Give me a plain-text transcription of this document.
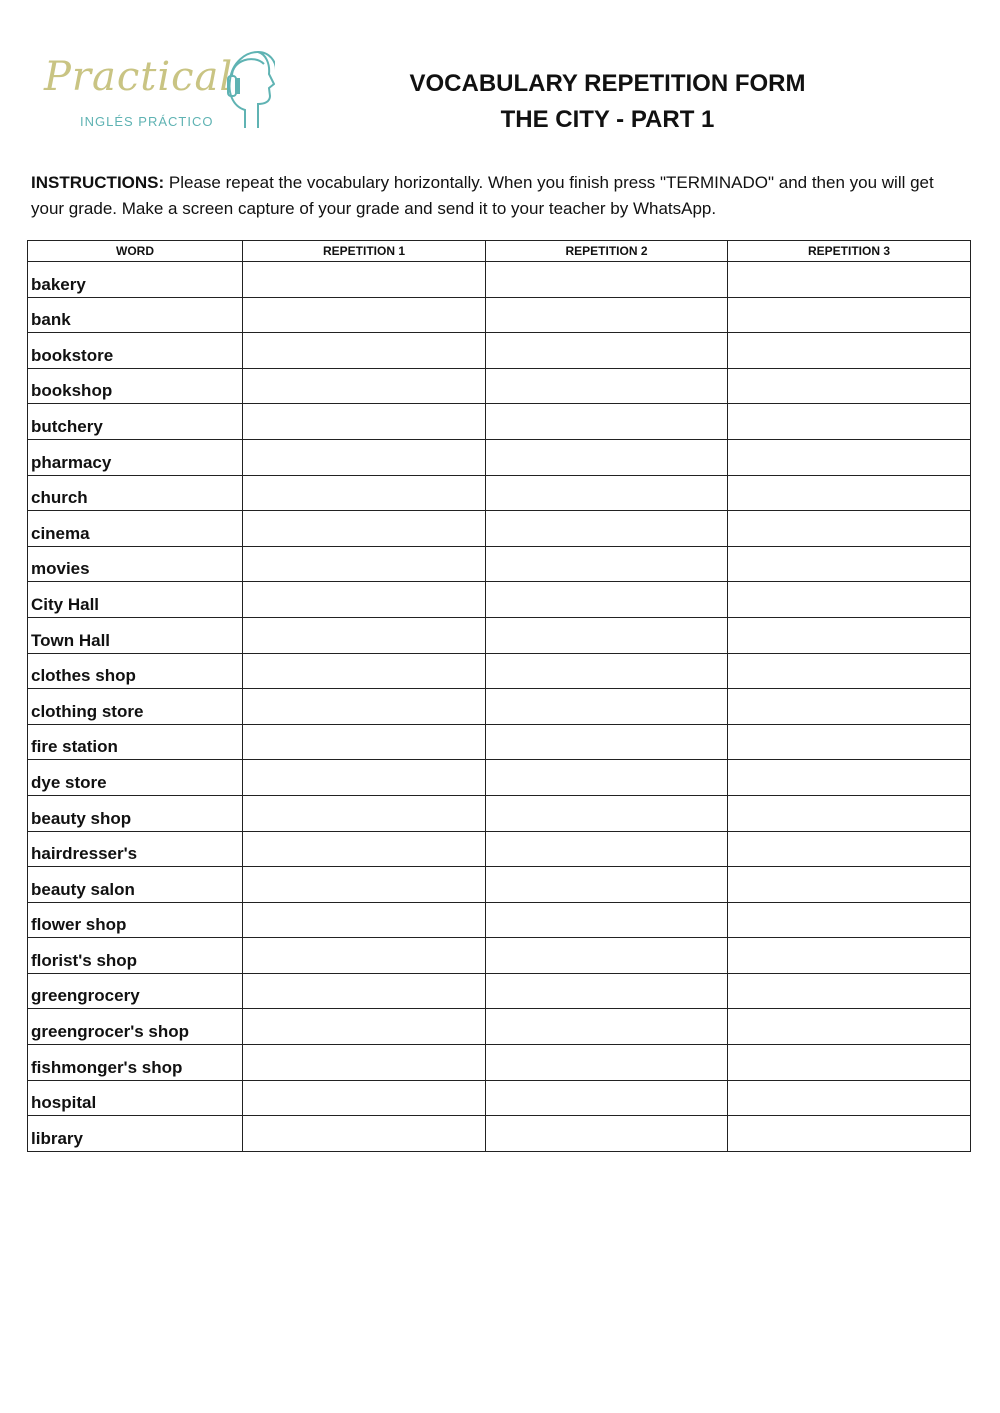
Practical
INGLÉS PRÁCTICO
VOCABULARY REPETITION FORM
THE CITY - PART 1
INSTRUCTIONS: Please repeat the vocabulary horizontally. When you finish press "TERMINADO" and then you will get your grade. Make a screen capture of your grade and send it to your teacher by WhatsApp.
WORD	REPETITION 1	REPETITION 2	REPETITION 3
bakery			
bank			
bookstore			
bookshop			
butchery			
pharmacy			
church			
cinema			
movies			
City Hall			
Town Hall			
clothes shop			
clothing store			
fire station			
dye store			
beauty shop			
hairdresser's			
beauty salon			
flower shop			
florist's shop			
greengrocery			
greengrocer's shop			
fishmonger's shop			
hospital			
library			
